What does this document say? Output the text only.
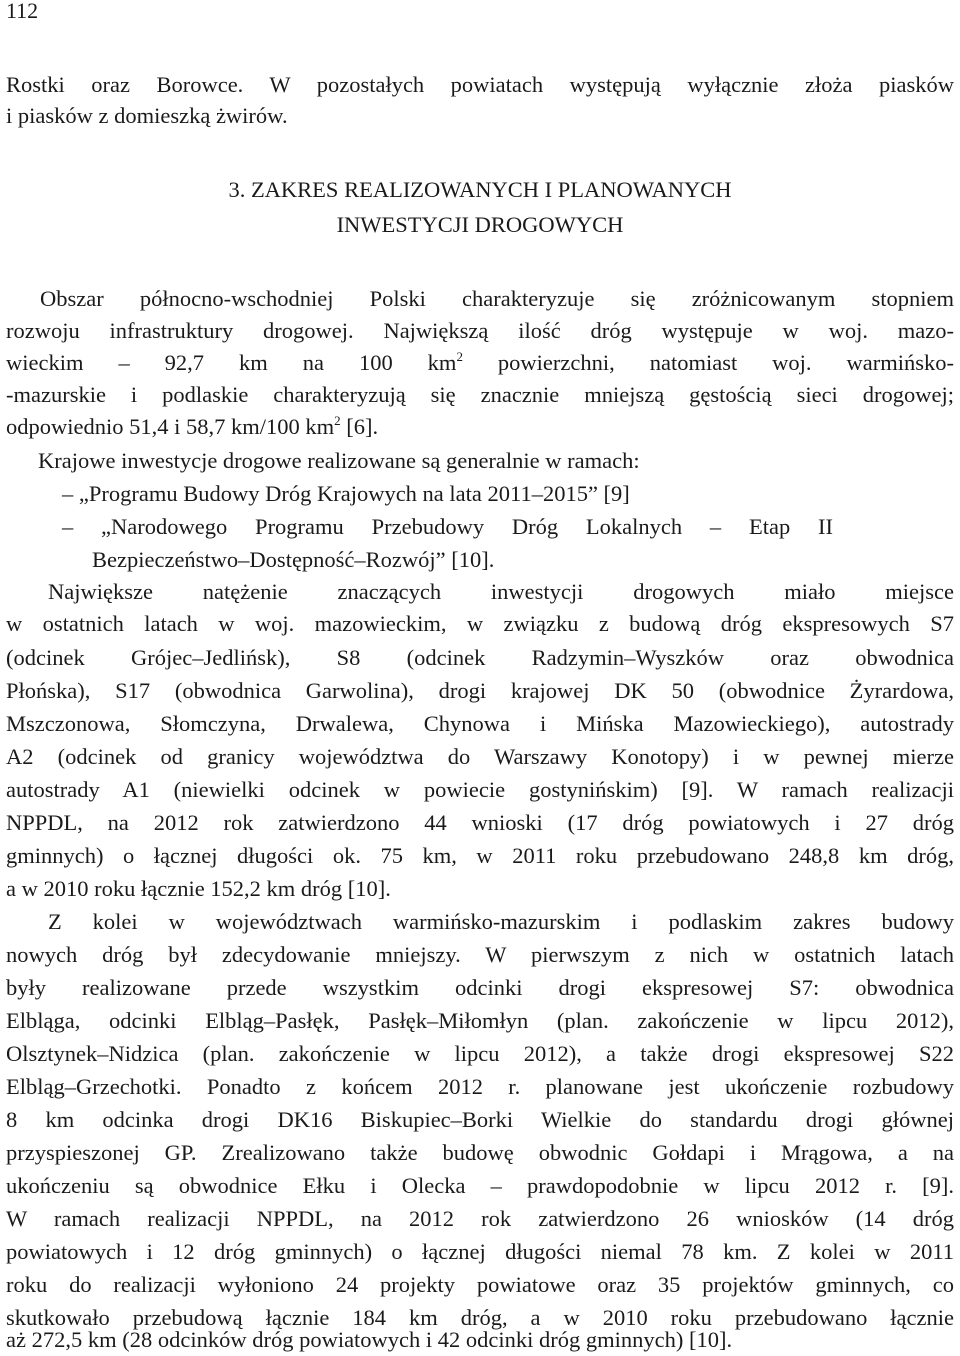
112
Rostki oraz Borowce. W pozostałych powiatach występują wyłącznie złoża piasków
i piasków z domieszką żwirów.
3. ZAKRES REALIZOWANYCH I PLANOWANYCH
INWESTYCJI DROGOWYCH
Obszar północno-wschodniej Polski charakteryzuje się zróżnicowanym stopniem
rozwoju infrastruktury drogowej. Największą ilość dróg występuje w woj. mazo-
wieckim – 92,7 km na 100 $km^2$ powierzchni, natomiast woj. warmińsko-
-mazurskie i podlaskie charakteryzują się znacznie mniejszą gęstością sieci drogowej;
odpowiednio 51,4 i 58,7 km/100 $km^2$ [6].
Krajowe inwestycje drogowe realizowane są generalnie w ramach:
– „Programu Budowy Dróg Krajowych na lata 2011–2015” [9]
– „Narodowego Programu Przebudowy Dróg Lokalnych – Etap II
Bezpieczeństwo–Dostępność–Rozwój” [10].
Największe natężenie znaczących inwestycji drogowych miało miejsce
w ostatnich latach w woj. mazowieckim, w związku z budową dróg ekspresowych S7
(odcinek Grójec–Jedlińsk), S8 (odcinek Radzymin–Wyszków oraz obwodnica
Płońska), S17 (obwodnica Garwolina), drogi krajowej DK 50 (obwodnice Żyrardowa,
Mszczonowa, Słomczyna, Drwalewa, Chynowa i Mińska Mazowieckiego), autostrady
A2 (odcinek od granicy województwa do Warszawy Konotopy) i w pewnej mierze
autostrady A1 (niewielki odcinek w powiecie gostynińskim) [9]. W ramach realizacji
NPPDL, na 2012 rok zatwierdzono 44 wnioski (17 dróg powiatowych i 27 dróg
gminnych) o łącznej długości ok. 75 km, w 2011 roku przebudowano 248,8 km dróg,
a w 2010 roku łącznie 152,2 km dróg [10].
Z kolei w województwach warmińsko-mazurskim i podlaskim zakres budowy
nowych dróg był zdecydowanie mniejszy. W pierwszym z nich w ostatnich latach
były realizowane przede wszystkim odcinki drogi ekspresowej S7: obwodnica
Elbląga, odcinki Elbląg–Pasłęk, Pasłęk–Miłomłyn (plan. zakończenie w lipcu 2012),
Olsztynek–Nidzica (plan. zakończenie w lipcu 2012), a także drogi ekspresowej S22
Elbląg–Grzechotki. Ponadto z końcem 2012 r. planowane jest ukończenie rozbudowy
8 km odcinka drogi DK16 Biskupiec–Borki Wielkie do standardu drogi głównej
przyspieszonej GP. Zrealizowano także budowę obwodnic Gołdapi i Mrągowa, a na
ukończeniu są obwodnice Ełku i Olecka – prawdopodobnie w lipcu 2012 r. [9].
W ramach realizacji NPPDL, na 2012 rok zatwierdzono 26 wniosków (14 dróg
powiatowych i 12 dróg gminnych) o łącznej długości niemal 78 km. Z kolei w 2011
roku do realizacji wyłoniono 24 projekty powiatowe oraz 35 projektów gminnych, co
skutkowało przebudową łącznie 184 km dróg, a w 2010 roku przebudowano łącznie
aż 272,5 km (28 odcinków dróg powiatowych i 42 odcinki dróg gminnych) [10].
